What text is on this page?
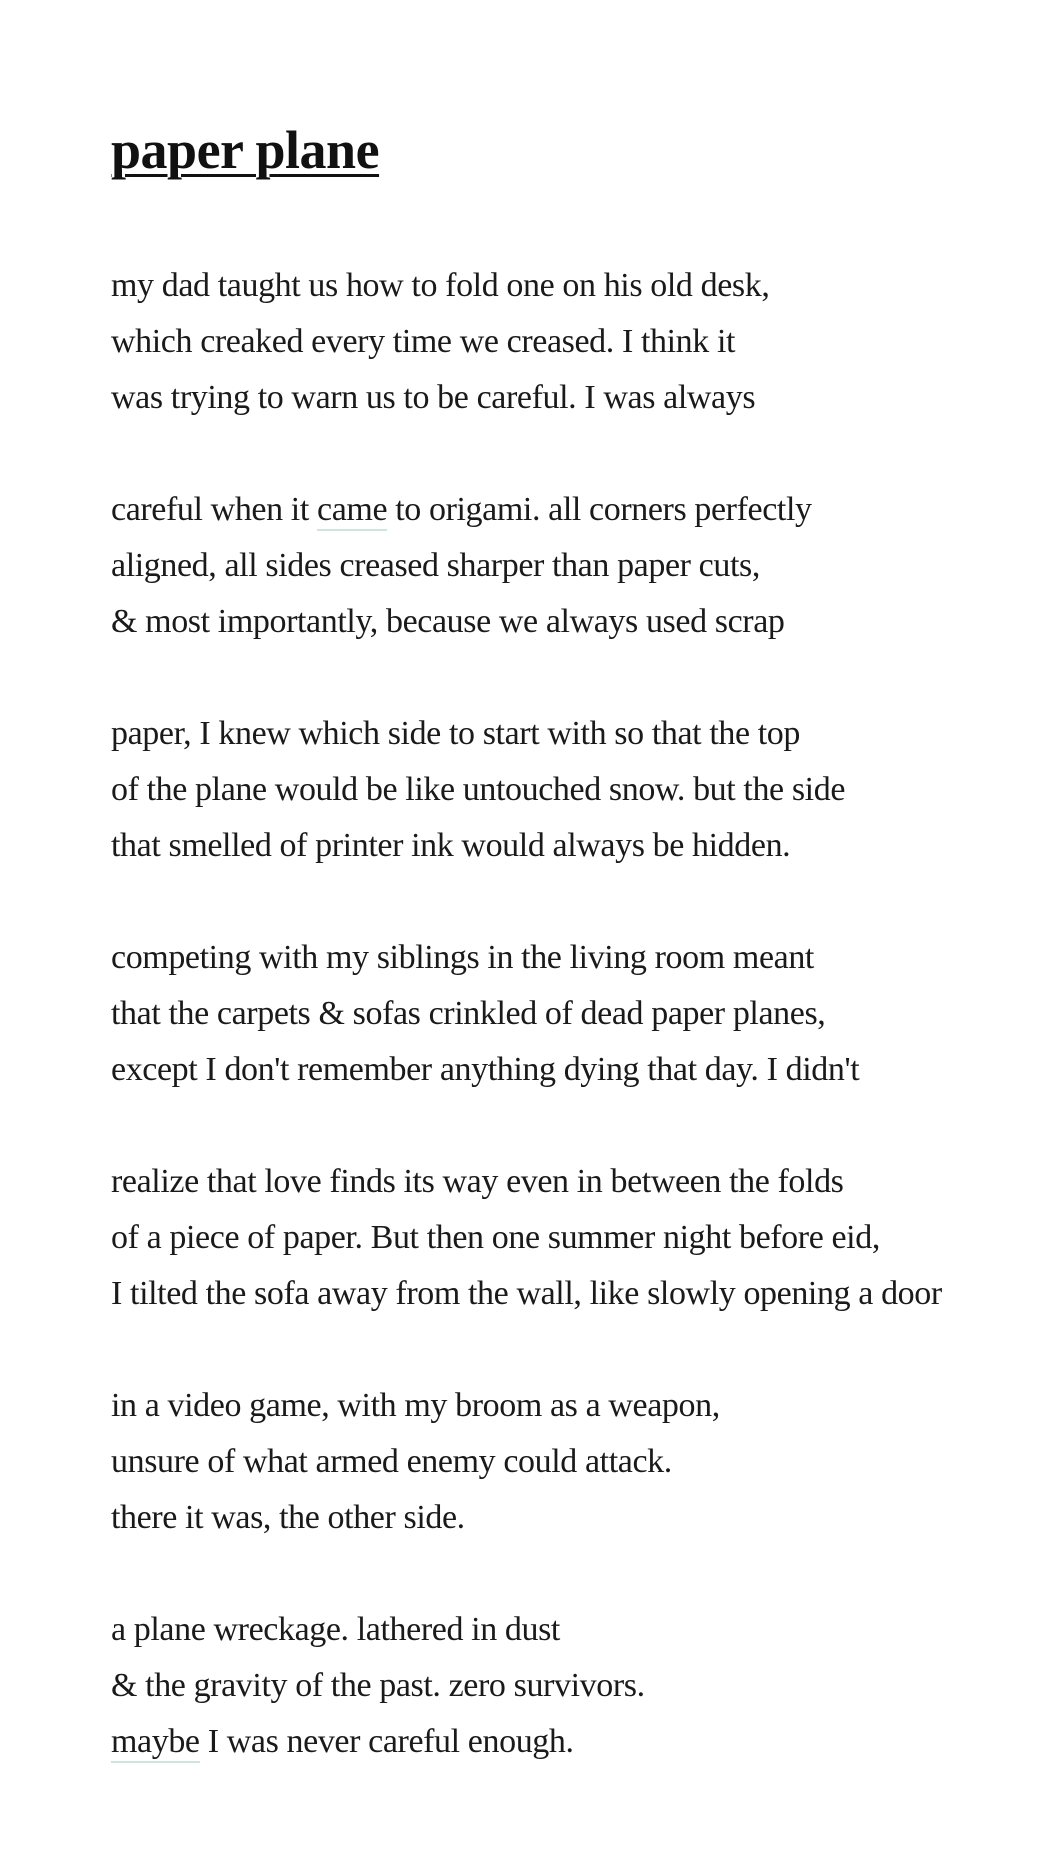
paper plane
my dad taught us how to fold one on his old desk,
which creaked every time we creased. I think it
was trying to warn us to be careful. I was always
careful when it came to origami. all corners perfectly
aligned, all sides creased sharper than paper cuts,
& most importantly, because we always used scrap
paper, I knew which side to start with so that the top
of the plane would be like untouched snow. but the side
that smelled of printer ink would always be hidden.
competing with my siblings in the living room meant
that the carpets & sofas crinkled of dead paper planes,
except I don't remember anything dying that day. I didn't
realize that love finds its way even in between the folds
of a piece of paper. But then one summer night before eid,
I tilted the sofa away from the wall, like slowly opening a door
in a video game, with my broom as a weapon,
unsure of what armed enemy could attack.
there it was, the other side.
a plane wreckage. lathered in dust
& the gravity of the past. zero survivors.
maybe I was never careful enough.
